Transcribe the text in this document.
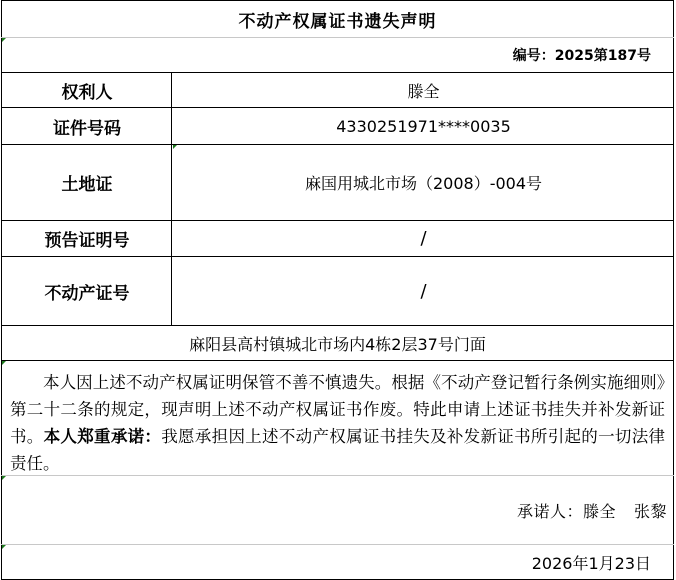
不动产权属证书遗失声明
编号：2025第187号
权利人	滕全
证件号码	4330251971****0035
土地证	麻国用城北市场（2008）-004号
预告证明号	/
不动产证号	/
麻阳县高村镇城北市场内4栋2层37号门面
本人因上述不动产权属证明保管不善不慎遗失。根据《不动产登记暂行条例实施细则》第二十二条的规定，现声明上述不动产权属证书作废。特此申请上述证书挂失并补发新证书。本人郑重承诺：我愿承担因上述不动产权属证书挂失及补发新证书所引起的一切法律责任。
承诺人： 滕全 张黎
2026年1月23日
